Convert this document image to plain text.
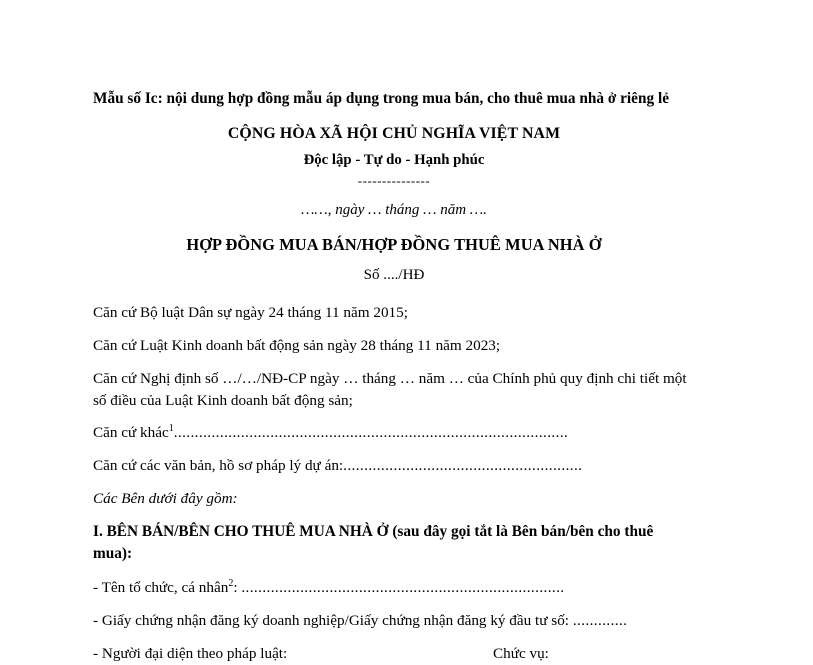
Mẫu số Ic: nội dung hợp đồng mẫu áp dụng trong mua bán, cho thuê mua nhà ở riêng lẻ

CỘNG HÒA XÃ HỘI CHỦ NGHĨA VIỆT NAM

Độc lập - Tự do - Hạnh phúc

---------------

……, ngày … tháng … năm ….

HỢP ĐỒNG MUA BÁN/HỢP ĐỒNG THUÊ MUA NHÀ Ở

Số ..../HĐ

Căn cứ Bộ luật Dân sự ngày 24 tháng 11 năm 2015;

Căn cứ Luật Kinh doanh bất động sản ngày 28 tháng 11 năm 2023;

Căn cứ Nghị định số …/…/NĐ-CP ngày … tháng … năm … của Chính phủ quy định chi tiết một số điều của Luật Kinh doanh bất động sản;

Căn cứ khác$^1$..............................................................................................

Căn cứ các văn bản, hồ sơ pháp lý dự án:.........................................................

Các Bên dưới đây gồm:

I. BÊN BÁN/BÊN CHO THUÊ MUA NHÀ Ở (sau đây gọi tắt là Bên bán/bên cho thuê mua):

- Tên tổ chức, cá nhân$^2$: .............................................................................

- Giấy chứng nhận đăng ký doanh nghiệp/Giấy chứng nhận đăng ký đầu tư số: .............

- Người đại diện theo pháp luật:	Chức vụ:
